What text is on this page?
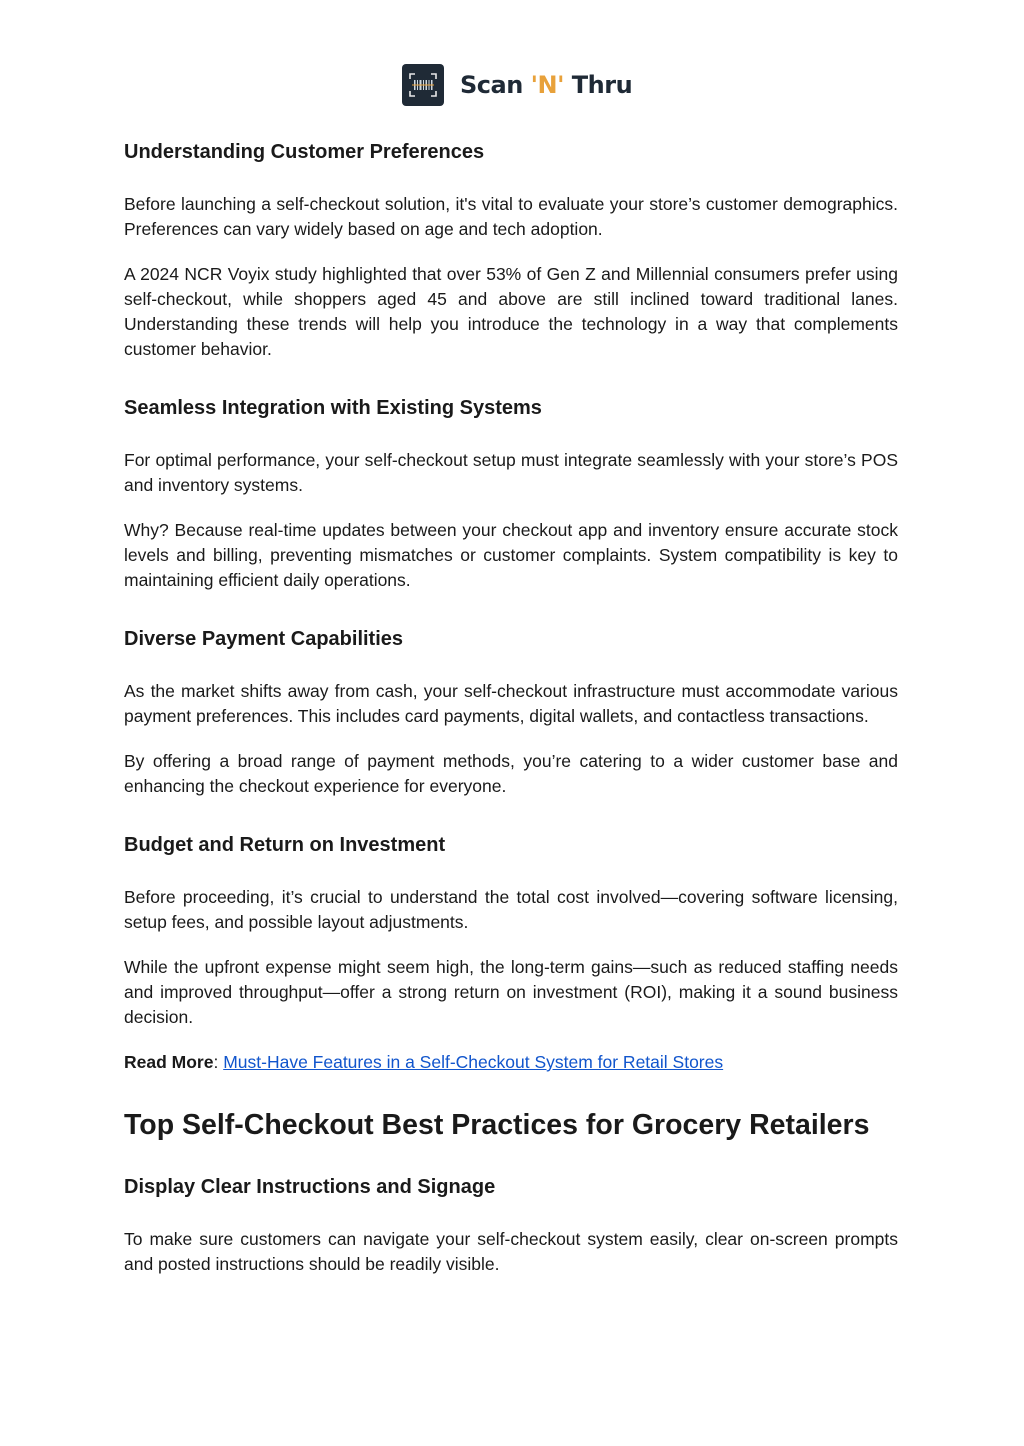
Scan 'N' Thru
Understanding Customer Preferences

Before launching a self-checkout solution, it's vital to evaluate your store’s customer demographics. Preferences can vary widely based on age and tech adoption.

A 2024 NCR Voyix study highlighted that over 53% of Gen Z and Millennial consumers prefer using self-checkout, while shoppers aged 45 and above are still inclined toward traditional lanes. Understanding these trends will help you introduce the technology in a way that complements customer behavior.

Seamless Integration with Existing Systems

For optimal performance, your self-checkout setup must integrate seamlessly with your store’s POS and inventory systems.

Why? Because real-time updates between your checkout app and inventory ensure accurate stock levels and billing, preventing mismatches or customer complaints. System compatibility is key to maintaining efficient daily operations.

Diverse Payment Capabilities

As the market shifts away from cash, your self-checkout infrastructure must accommodate various payment preferences. This includes card payments, digital wallets, and contactless transactions.

By offering a broad range of payment methods, you’re catering to a wider customer base and enhancing the checkout experience for everyone.

Budget and Return on Investment

Before proceeding, it’s crucial to understand the total cost involved—covering software licensing, setup fees, and possible layout adjustments.

While the upfront expense might seem high, the long-term gains—such as reduced staffing needs and improved throughput—offer a strong return on investment (ROI), making it a sound business decision.

Read More: Must-Have Features in a Self-Checkout System for Retail Stores

Top Self-Checkout Best Practices for Grocery Retailers
Display Clear Instructions and Signage

To make sure customers can navigate your self-checkout system easily, clear on-screen prompts and posted instructions should be readily visible.
